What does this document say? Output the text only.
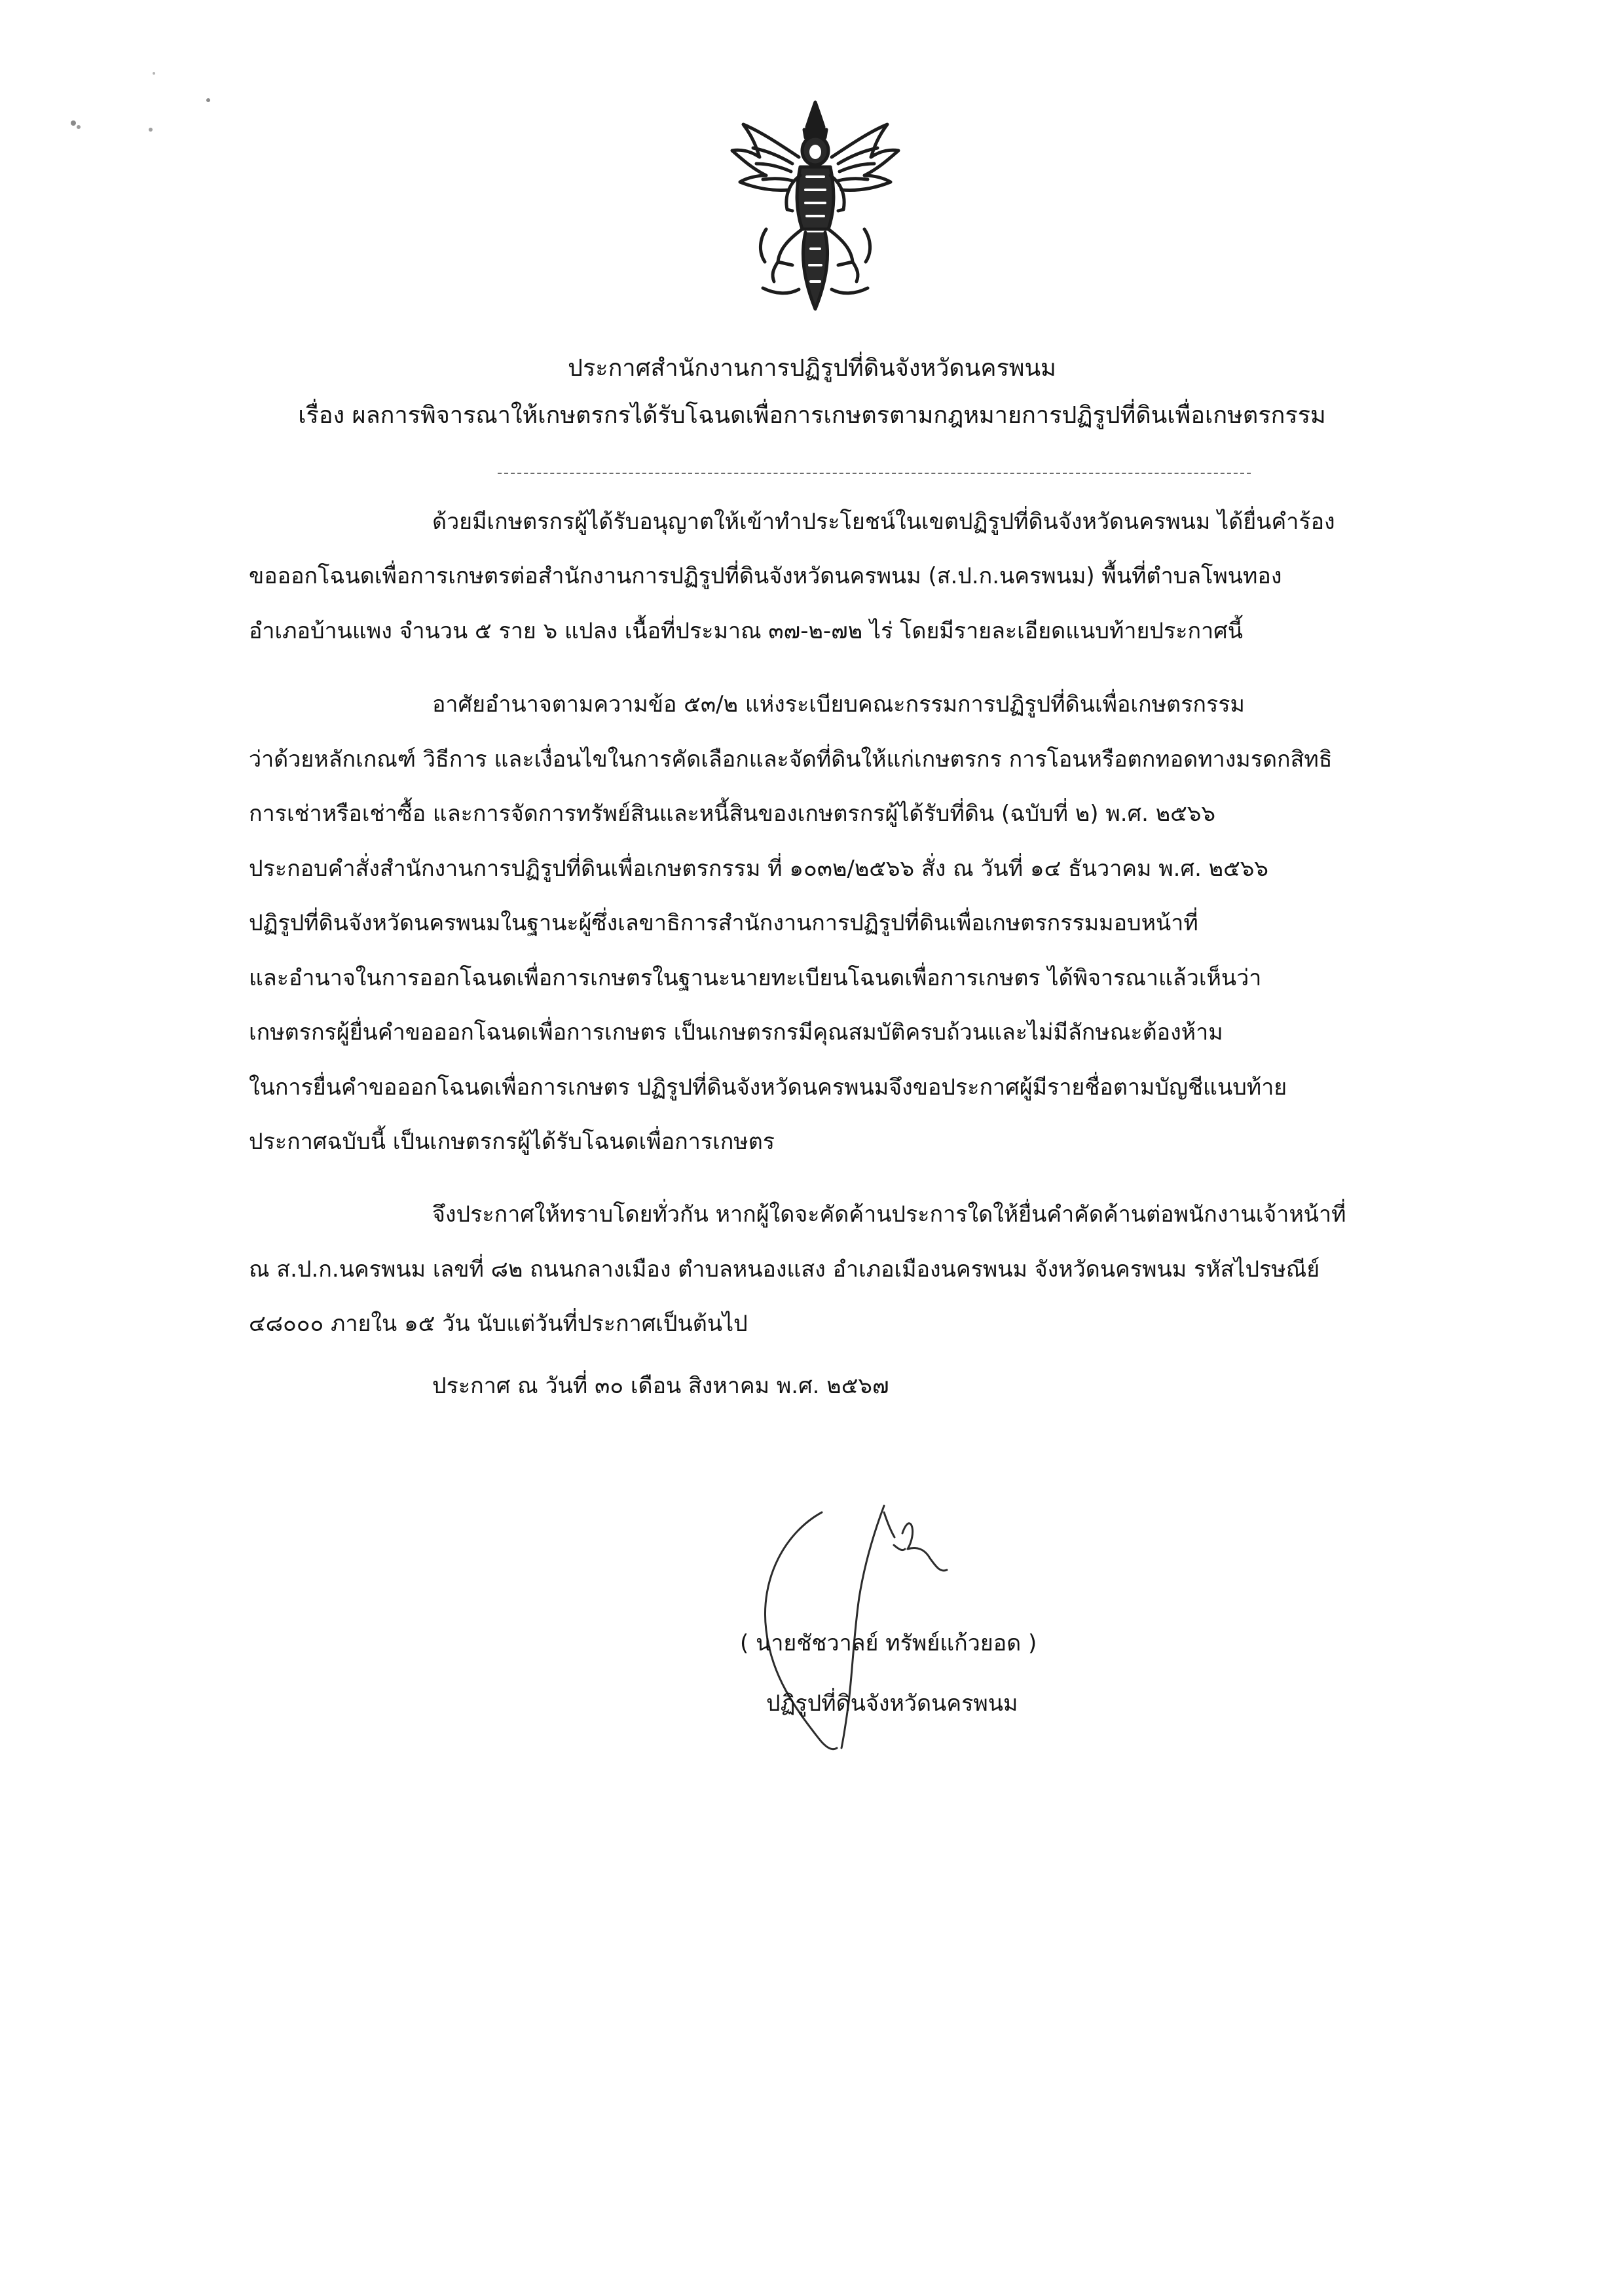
ประกาศสำนักงานการปฏิรูปที่ดินจังหวัดนครพนม
เรื่อง ผลการพิจารณาให้เกษตรกรได้รับโฉนดเพื่อการเกษตรตามกฎหมายการปฏิรูปที่ดินเพื่อเกษตรกรรม
ด้วยมีเกษตรกรผู้ได้รับอนุญาตให้เข้าทำประโยชน์ในเขตปฏิรูปที่ดินจังหวัดนครพนม ได้ยื่นคำร้อง
ขอออกโฉนดเพื่อการเกษตรต่อสำนักงานการปฏิรูปที่ดินจังหวัดนครพนม (ส.ป.ก.นครพนม) พื้นที่ตำบลโพนทอง
อำเภอบ้านแพง จำนวน ๕ ราย ๖ แปลง เนื้อที่ประมาณ ๓๗-๒-๗๒ ไร่ โดยมีรายละเอียดแนบท้ายประกาศนี้
อาศัยอำนาจตามความข้อ ๕๓/๒ แห่งระเบียบคณะกรรมการปฏิรูปที่ดินเพื่อเกษตรกรรม
ว่าด้วยหลักเกณฑ์ วิธีการ และเงื่อนไขในการคัดเลือกและจัดที่ดินให้แก่เกษตรกร การโอนหรือตกทอดทางมรดกสิทธิ
การเช่าหรือเช่าซื้อ และการจัดการทรัพย์สินและหนี้สินของเกษตรกรผู้ได้รับที่ดิน (ฉบับที่ ๒) พ.ศ. ๒๕๖๖
ประกอบคำสั่งสำนักงานการปฏิรูปที่ดินเพื่อเกษตรกรรม ที่ ๑๐๓๒/๒๕๖๖ สั่ง ณ วันที่ ๑๔ ธันวาคม พ.ศ. ๒๕๖๖
ปฏิรูปที่ดินจังหวัดนครพนมในฐานะผู้ซึ่งเลขาธิการสำนักงานการปฏิรูปที่ดินเพื่อเกษตรกรรมมอบหน้าที่
และอำนาจในการออกโฉนดเพื่อการเกษตรในฐานะนายทะเบียนโฉนดเพื่อการเกษตร ได้พิจารณาแล้วเห็นว่า
เกษตรกรผู้ยื่นคำขอออกโฉนดเพื่อการเกษตร เป็นเกษตรกรมีคุณสมบัติครบถ้วนและไม่มีลักษณะต้องห้าม
ในการยื่นคำขอออกโฉนดเพื่อการเกษตร ปฏิรูปที่ดินจังหวัดนครพนมจึงขอประกาศผู้มีรายชื่อตามบัญชีแนบท้าย
ประกาศฉบับนี้ เป็นเกษตรกรผู้ได้รับโฉนดเพื่อการเกษตร
จึงประกาศให้ทราบโดยทั่วกัน หากผู้ใดจะคัดค้านประการใดให้ยื่นคำคัดค้านต่อพนักงานเจ้าหน้าที่
ณ ส.ป.ก.นครพนม เลขที่ ๘๒ ถนนกลางเมือง ตำบลหนองแสง อำเภอเมืองนครพนม จังหวัดนครพนม รหัสไปรษณีย์
๔๘๐๐๐ ภายใน ๑๕ วัน นับแต่วันที่ประกาศเป็นต้นไป
ประกาศ ณ วันที่ ๓๐ เดือน สิงหาคม พ.ศ. ๒๕๖๗
( นายชัชวาลย์ ทรัพย์แก้วยอด )
ปฏิรูปที่ดินจังหวัดนครพนม
